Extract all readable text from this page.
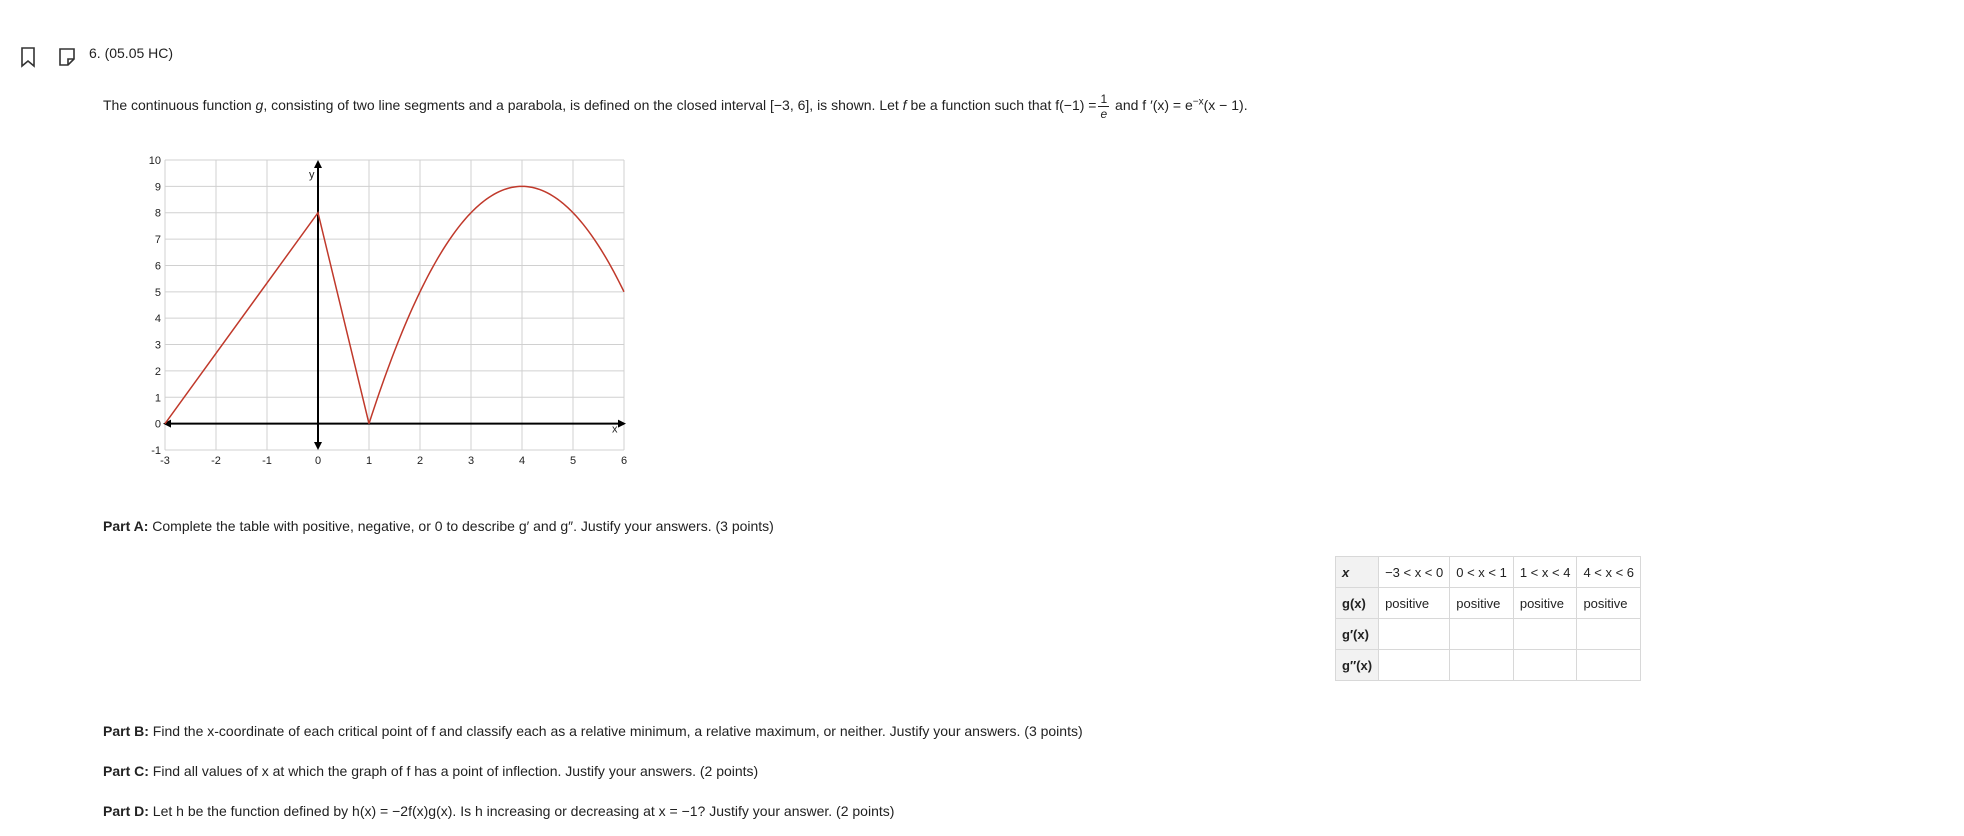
6. (05.05 HC)
The continuous function g, consisting of two line segments and a parabola, is defined on the closed interval [−3, 6], is shown. Let f be a function such that $f(-1) = \frac{1}{e}$ and f $'(x) = e^{-x}(x - 1)$.
-3	-2	-1	0	1	2	3	4	5	6
-1
0
1
2
3
4
5
6
7
8
9
10
x
y
Part A: Complete the table with positive, negative, or 0 to describe g′ and g″. Justify your answers. (3 points)
x	−3 < x < 0	0 < x < 1	1 < x < 4	4 < x < 6
g(x)	positive	positive	positive	positive
g′(x)				
g″(x)				
Part B: Find the x-coordinate of each critical point of f and classify each as a relative minimum, a relative maximum, or neither. Justify your answers. (3 points)
Part C: Find all values of x at which the graph of f has a point of inflection. Justify your answers. (2 points)
Part D: Let h be the function defined by h(x) = −2f(x)g(x). Is h increasing or decreasing at x = −1? Justify your answer. (2 points)
